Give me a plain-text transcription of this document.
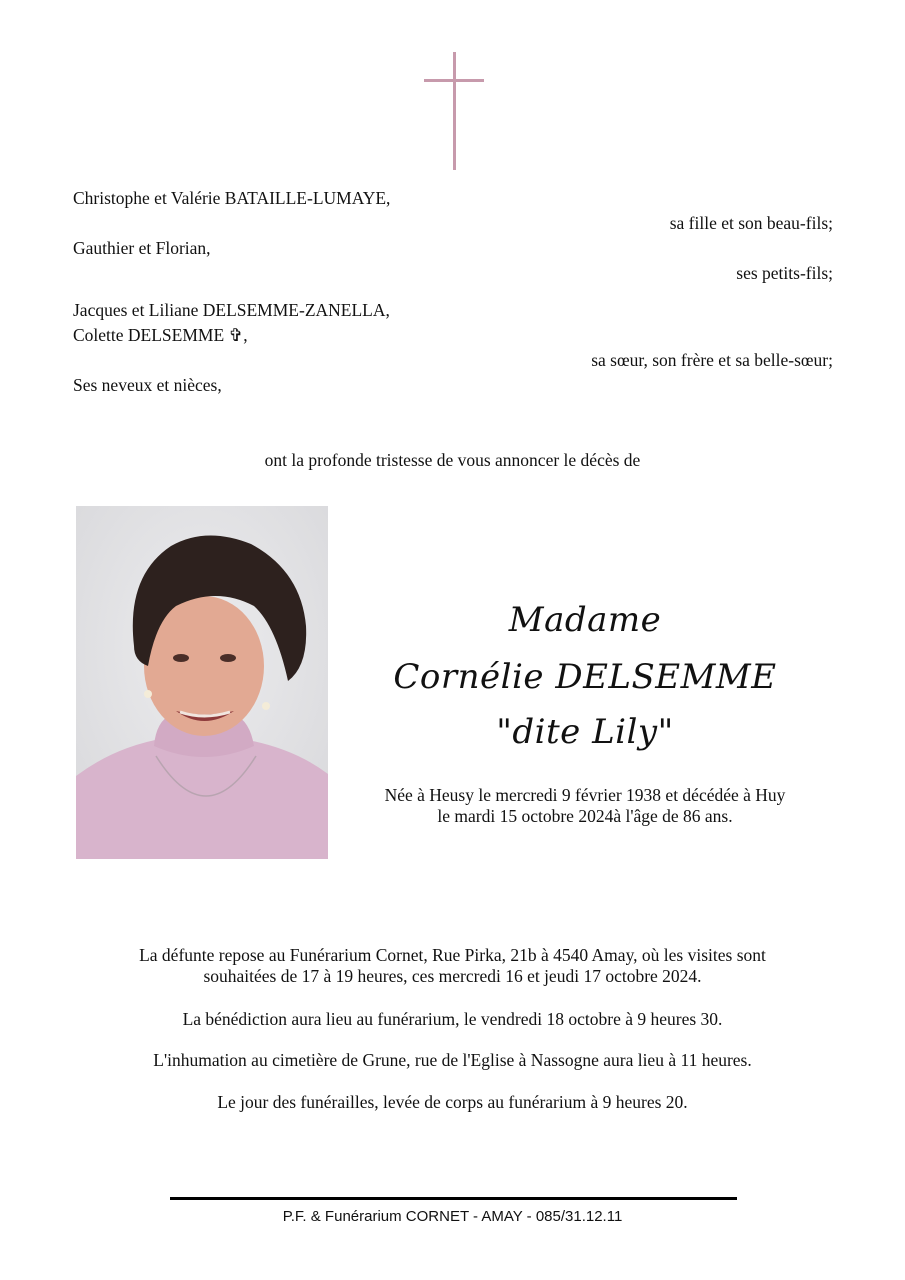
Christophe et Valérie BATAILLE-LUMAYE,
sa fille et son beau-fils;
Gauthier et Florian,
ses petits-fils;
Jacques et Liliane DELSEMME-ZANELLA,
Colette DELSEMME ✞,
sa sœur, son frère et sa belle-sœur;
Ses neveux et nièces,
ont la profonde tristesse de vous annoncer le décès de
Madame
Cornélie DELSEMME
"dite Lily"
Née à Heusy le mercredi 9 février 1938 et décédée à Huy
le mardi 15 octobre 2024à l'âge de 86 ans.
La défunte repose au Funérarium Cornet, Rue Pirka, 21b à 4540 Amay, où les visites sont
souhaitées de 17 à 19 heures, ces mercredi 16 et jeudi 17 octobre 2024.
La bénédiction aura lieu au funérarium, le vendredi 18 octobre à 9 heures 30.
L'inhumation au cimetière de Grune, rue de l'Eglise à Nassogne aura lieu à 11 heures.
Le jour des funérailles, levée de corps au funérarium à 9 heures 20.
P.F. & Funérarium CORNET - AMAY - 085/31.12.11
